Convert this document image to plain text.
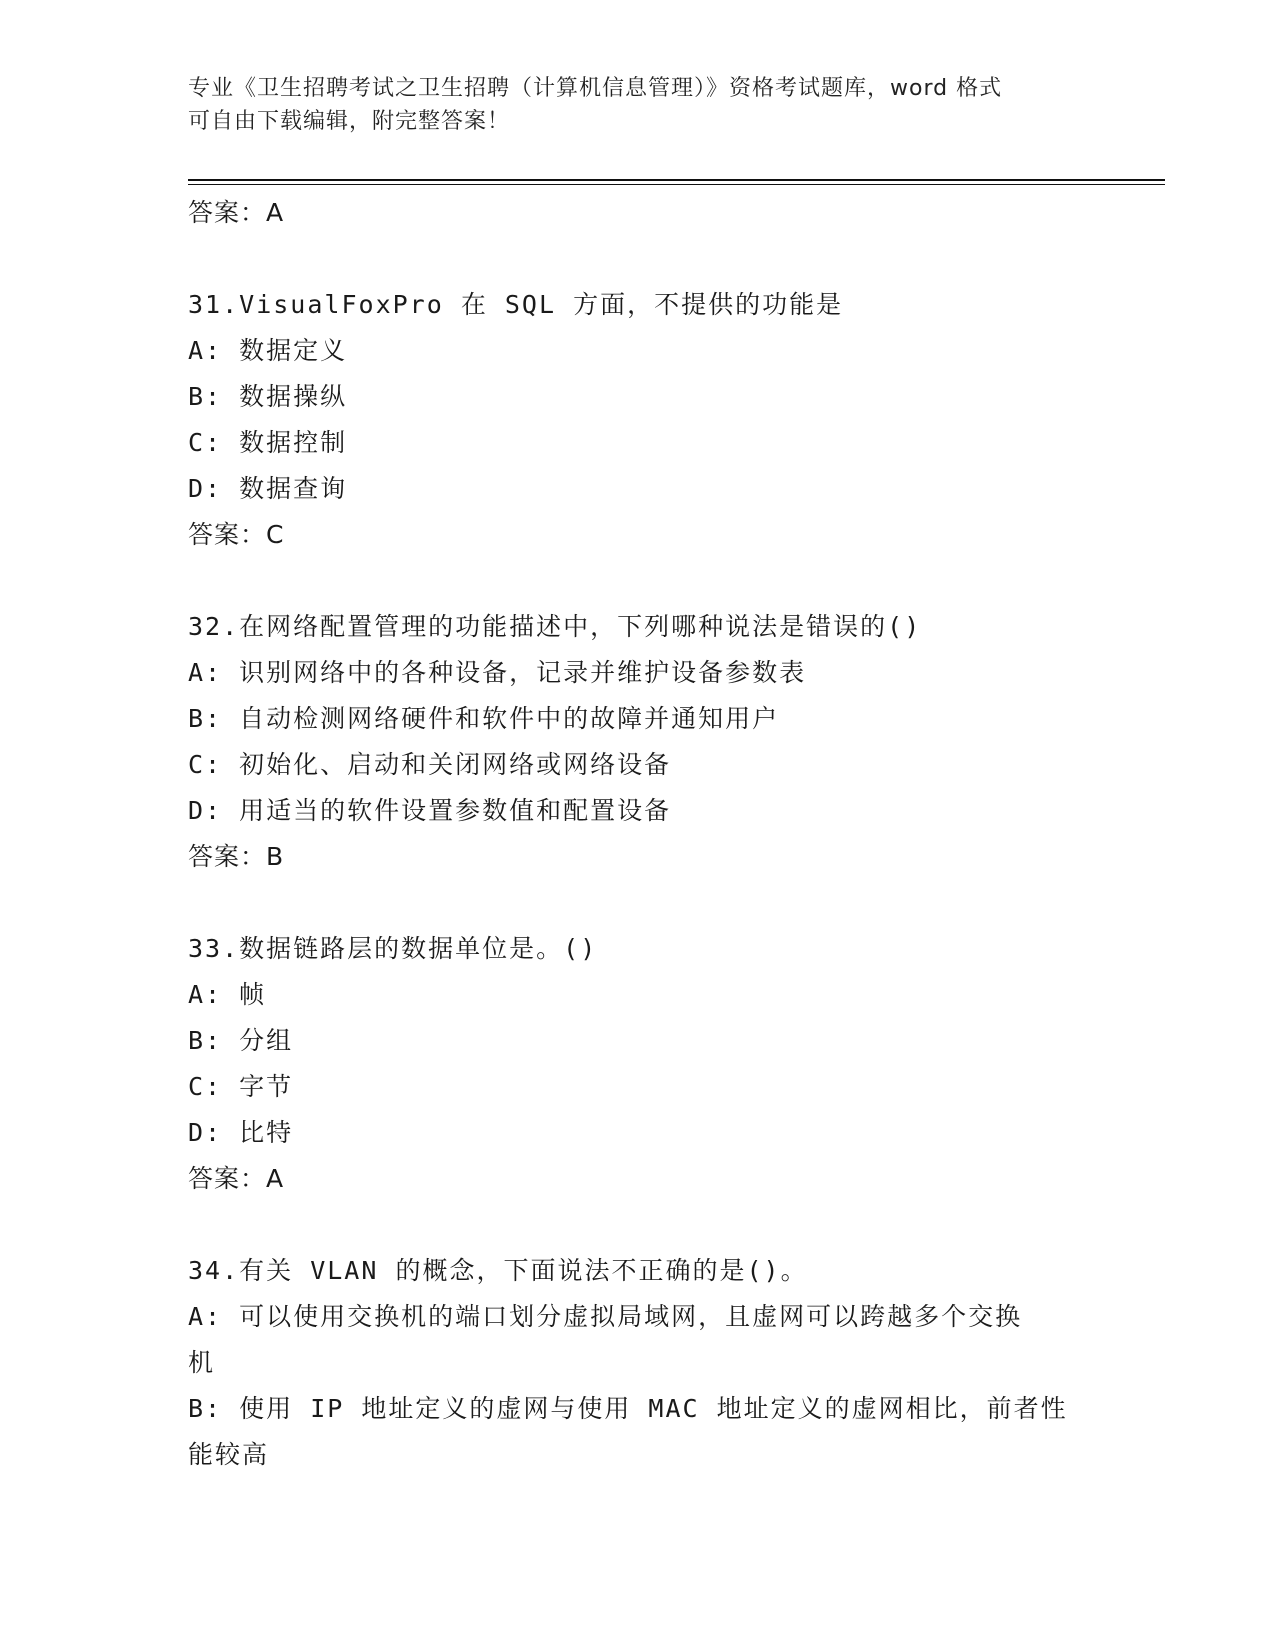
专业《卫生招聘考试之卫生招聘（计算机信息管理）》资格考试题库，word 格式
可自由下载编辑，附完整答案！
答案：A
31.VisualFoxPro 在 SQL 方面，不提供的功能是
A: 数据定义
B: 数据操纵
C: 数据控制
D: 数据查询
答案：C
32.在网络配置管理的功能描述中，下列哪种说法是错误的()
A: 识别网络中的各种设备，记录并维护设备参数表
B: 自动检测网络硬件和软件中的故障并通知用户
C: 初始化、启动和关闭网络或网络设备
D: 用适当的软件设置参数值和配置设备
答案：B
33.数据链路层的数据单位是。()
A: 帧
B: 分组
C: 字节
D: 比特
答案：A
34.有关 VLAN 的概念，下面说法不正确的是()。
A: 可以使用交换机的端口划分虚拟局域网，且虚网可以跨越多个交换
机
B: 使用 IP 地址定义的虚网与使用 MAC 地址定义的虚网相比，前者性
能较高
